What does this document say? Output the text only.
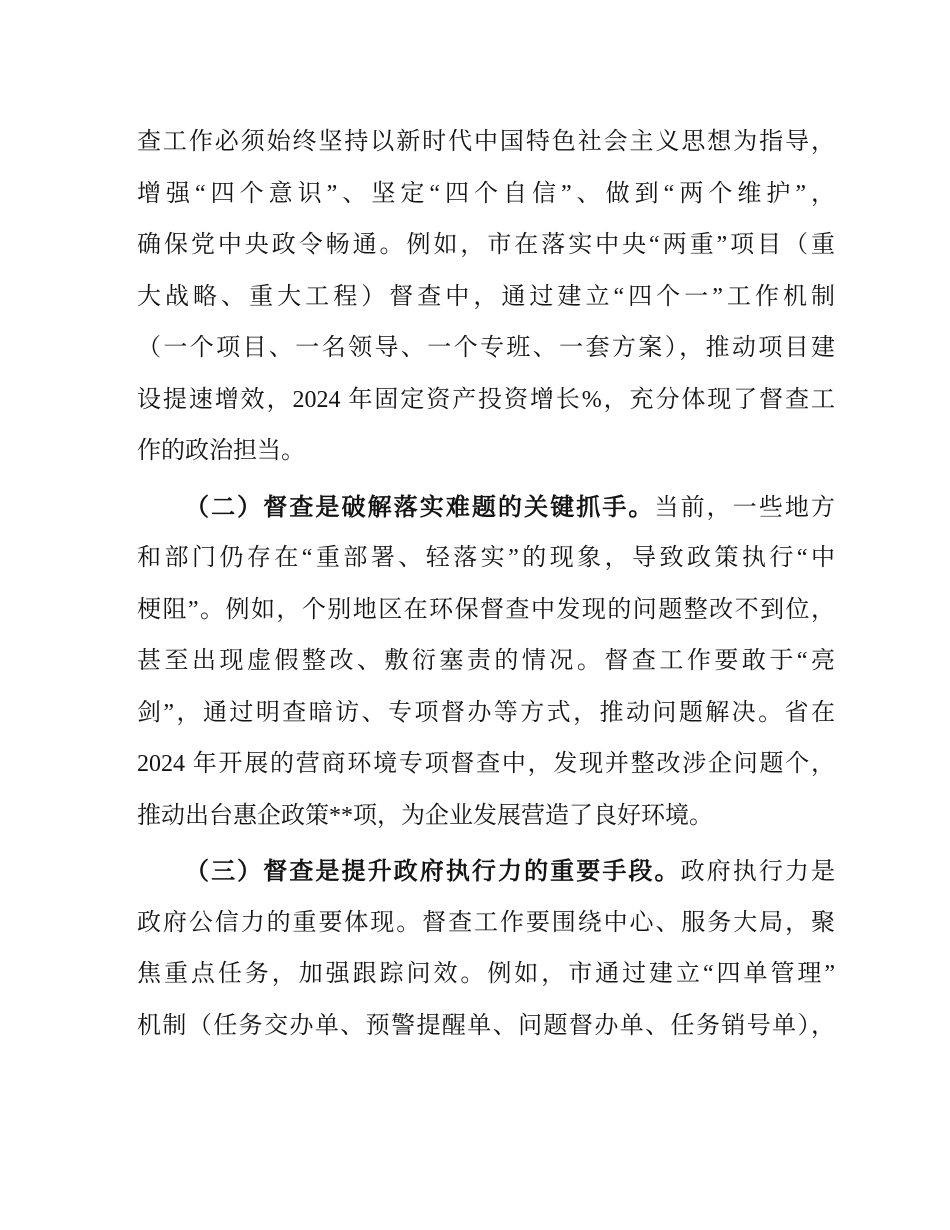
查工作必须始终坚持以新时代中国特色社会主义思想为指导，
增强“四个意识”、坚定“四个自信”、做到“两个维护”，
确保党中央政令畅通。例如，市在落实中央“两重”项目（重
大战略、重大工程）督查中，通过建立“四个一”工作机制
（一个项目、一名领导、一个专班、一套方案），推动项目建
设提速增效，2024 年固定资产投资增长%，充分体现了督查工
作的政治担当。
（二）督查是破解落实难题的关键抓手。当前，一些地方
和部门仍存在“重部署、轻落实”的现象，导致政策执行“中
梗阻”。例如，个别地区在环保督查中发现的问题整改不到位，
甚至出现虚假整改、敷衍塞责的情况。督查工作要敢于“亮
剑”，通过明查暗访、专项督办等方式，推动问题解决。省在
2024 年开展的营商环境专项督查中，发现并整改涉企问题个，
推动出台惠企政策**项，为企业发展营造了良好环境。
（三）督查是提升政府执行力的重要手段。政府执行力是
政府公信力的重要体现。督查工作要围绕中心、服务大局，聚
焦重点任务，加强跟踪问效。例如，市通过建立“四单管理”
机制（任务交办单、预警提醒单、问题督办单、任务销号单），
